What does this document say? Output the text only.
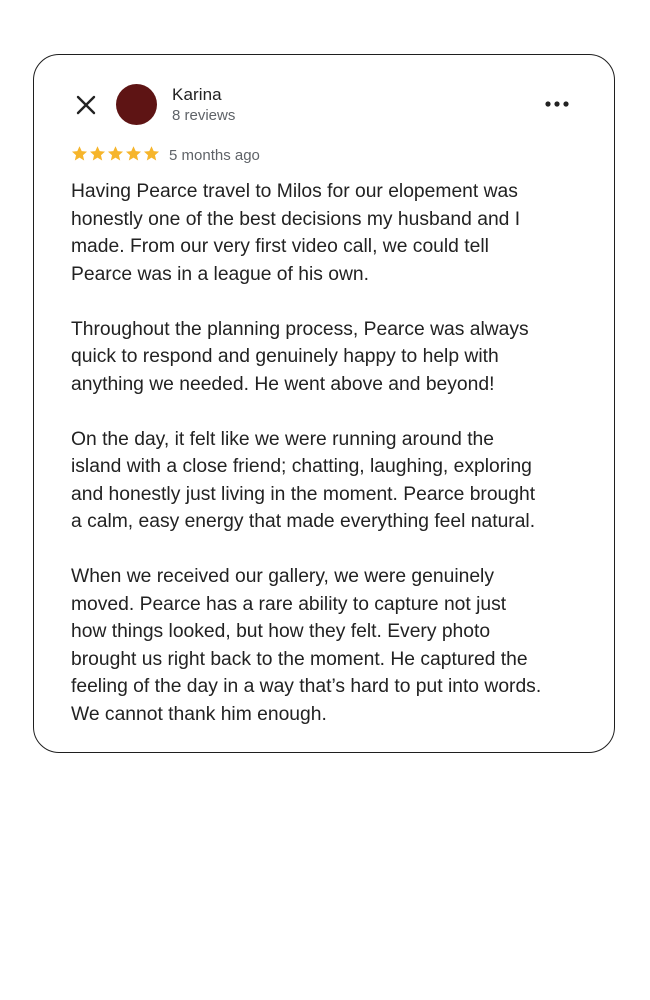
Karina
8 reviews
5 months ago

Having Pearce travel to Milos for our elopement was
honestly one of the best decisions my husband and I
made. From our very first video call, we could tell
Pearce was in a league of his own.

Throughout the planning process, Pearce was always
quick to respond and genuinely happy to help with
anything we needed. He went above and beyond!

On the day, it felt like we were running around the
island with a close friend; chatting, laughing, exploring
and honestly just living in the moment. Pearce brought
a calm, easy energy that made everything feel natural.

When we received our gallery, we were genuinely
moved. Pearce has a rare ability to capture not just
how things looked, but how they felt. Every photo
brought us right back to the moment. He captured the
feeling of the day in a way that’s hard to put into words.
We cannot thank him enough.
